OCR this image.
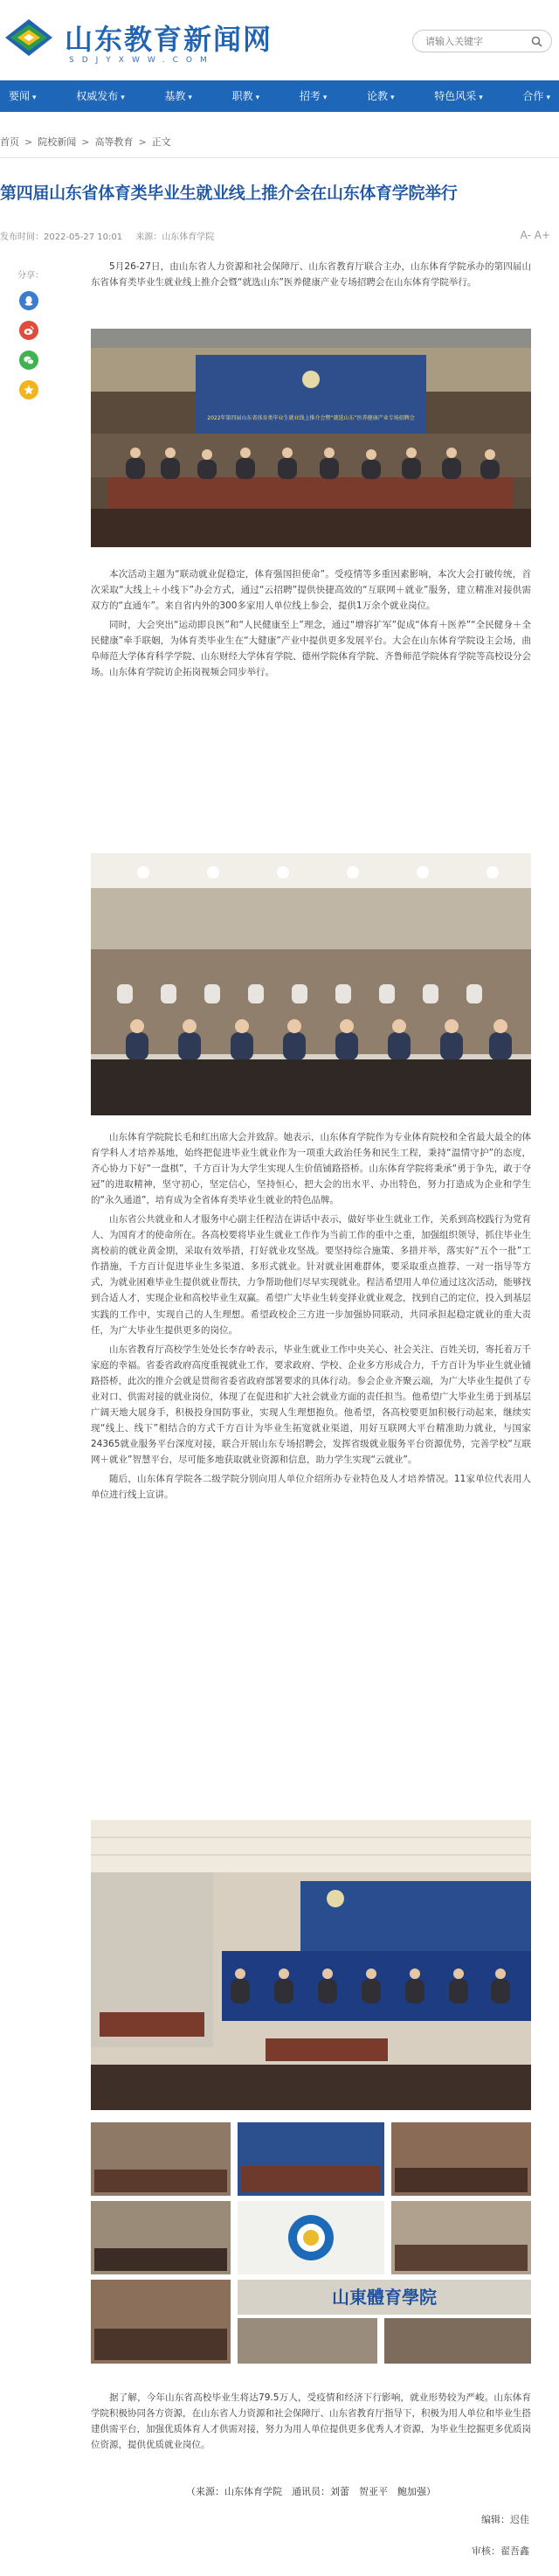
山东教育新闻网
SDJYXWW.COM
请输入关键字
要闻 ▾	权威发布 ▾	基教 ▾	职教 ▾	招考 ▾	论教 ▾	特色风采 ▾	合作 ▾
首页 > 院校新闻 > 高等教育 > 正文
第四届山东省体育类毕业生就业线上推介会在山东体育学院举行
发布时间：2022-05-27 10:01 来源：山东体育学院	A- A+
分享：

5月26-27日，由山东省人力资源和社会保障厅、山东省教育厅联合主办，山东体育学院承办的第四届山东省体育类毕业生就业线上推介会暨“就选山东”医养健康产业专场招聘会在山东体育学院举行。

2022年第四届山东省体育类毕业生就业线上推介会暨“就选山东”医养健康产业专场招聘会

本次活动主题为“联动就业促稳定，体育强国担使命”。受疫情等多重因素影响，本次大会打破传统，首次采取“大线上＋小线下”办会方式，通过“云招聘”提供快捷高效的“互联网＋就业”服务，建立精准对接供需双方的“直通车”。来自省内外的300多家用人单位线上参会，提供1万余个就业岗位。

同时，大会突出“运动即良医”和“人民健康至上”理念，通过“增容扩军”促成“体育＋医养”“全民健身＋全民健康”牵手联姻，为体育类毕业生在“大健康”产业中提供更多发展平台。大会在山东体育学院设主会场，曲阜师范大学体育科学学院、山东财经大学体育学院、德州学院体育学院、齐鲁师范学院体育学院等高校设分会场。山东体育学院访企拓岗视频会同步举行。

山东体育学院院长毛和红出席大会并致辞。她表示，山东体育学院作为专业体育院校和全省最大最全的体育学科人才培养基地，始终把促进毕业生就业作为一项重大政治任务和民生工程，秉持“温情守护”的态度，齐心协力下好“一盘棋”，千方百计为大学生实现人生价值铺路搭桥。山东体育学院将秉承“勇于争先，敢于夺冠”的进取精神，坚守初心，坚定信心，坚持恒心，把大会的出水平、办出特色，努力打造成为企业和学生的“永久通道”，培育成为全省体育类毕业生就业的特色品牌。

山东省公共就业和人才服务中心副主任程洁在讲话中表示，做好毕业生就业工作，关系到高校践行为党育人、为国育才的使命所在。各高校要将毕业生就业工作作为当前工作的重中之重，加强组织领导，抓住毕业生离校前的就业黄金期，采取有效举措，打好就业攻坚战。要坚持综合施策、多措并举，落实好“五个一批”工作措施，千方百计促进毕业生多渠道、多形式就业。针对就业困难群体，要采取重点推荐、一对一指导等方式，为就业困难毕业生提供就业帮扶，力争帮助他们尽早实现就业。程洁希望用人单位通过这次活动，能够找到合适人才，实现企业和高校毕业生双赢。希望广大毕业生转变择业就业观念，找到自己的定位，投入到基层实践的工作中，实现自己的人生理想。希望政校企三方进一步加强协同联动，共同承担起稳定就业的重大责任，为广大毕业生提供更多的岗位。

山东省教育厅高校学生处处长李存岭表示，毕业生就业工作中央关心、社会关注、百姓关切，寄托着万千家庭的幸福。省委省政府高度重视就业工作，要求政府、学校、企业多方形成合力，千方百计为毕业生就业铺路搭桥，此次的推介会就是贯彻省委省政府部署要求的具体行动。参会企业齐聚云端，为广大毕业生提供了专业对口、供需对接的就业岗位，体现了在促进和扩大社会就业方面的责任担当。他希望广大毕业生勇于到基层广阔天地大展身手，积极投身国防事业，实现人生理想抱负。他希望，各高校要更加积极行动起来，继续实现“线上、线下”相结合的方式千方百计为毕业生拓宽就业渠道，用好互联网大平台精准助力就业，与国家24365就业服务平台深度对接，联合开展山东专场招聘会，发挥省级就业服务平台资源优势，完善学校“互联网＋就业”智慧平台，尽可能多地获取就业资源和信息，助力学生实现“云就业”。

随后，山东体育学院各二级学院分别向用人单位介绍所办专业特色及人才培养情况。11家单位代表用人单位进行线上宣讲。

山東體育學院

据了解，今年山东省高校毕业生将达79.5万人，受疫情和经济下行影响，就业形势较为严峻。山东体育学院积极协同各方资源，在山东省人力资源和社会保障厅、山东省教育厅指导下，积极为用人单位和毕业生搭建供需平台，加强优质体育人才供需对接，努力为用人单位提供更多优秀人才资源，为毕业生挖掘更多优质岗位资源，提供优质就业岗位。

（来源：山东体育学院　通讯员：刘蕾　贺亚平　鲍加强）
编辑：迟佳
审核：翟吾鑫
